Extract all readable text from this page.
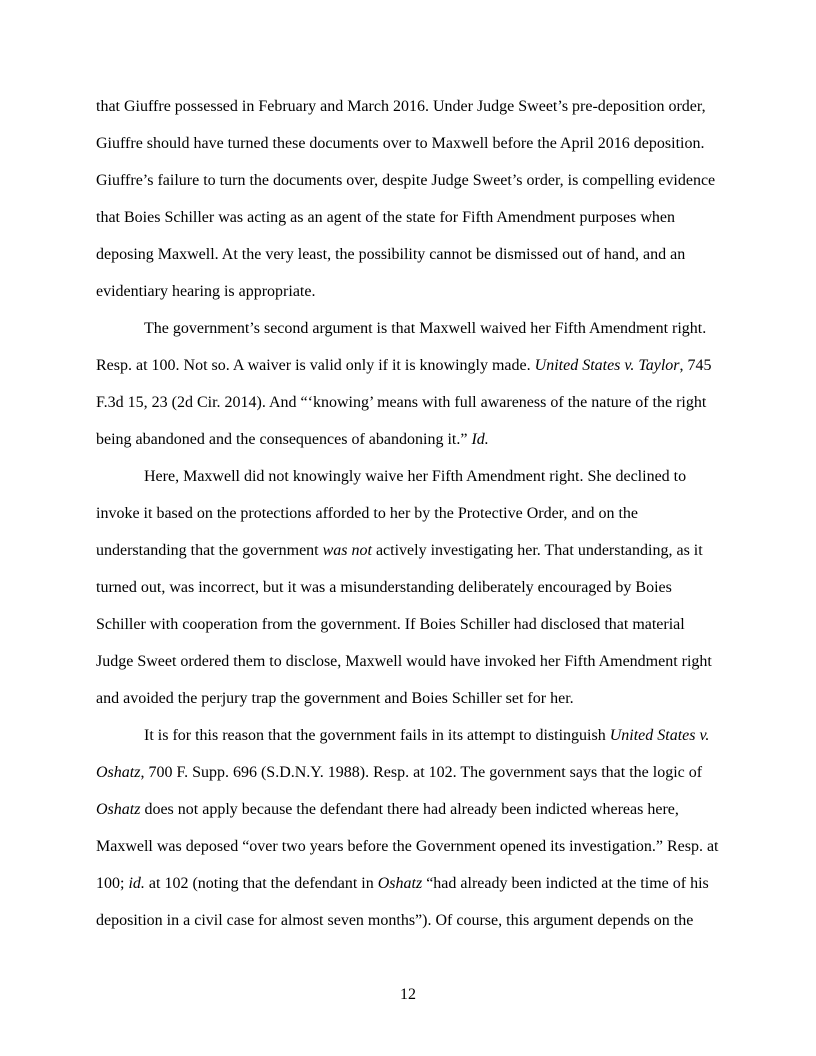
that Giuffre possessed in February and March 2016. Under Judge Sweet’s pre-deposition order, Giuffre should have turned these documents over to Maxwell before the April 2016 deposition. Giuffre’s failure to turn the documents over, despite Judge Sweet’s order, is compelling evidence that Boies Schiller was acting as an agent of the state for Fifth Amendment purposes when deposing Maxwell. At the very least, the possibility cannot be dismissed out of hand, and an evidentiary hearing is appropriate.

The government’s second argument is that Maxwell waived her Fifth Amendment right. Resp. at 100. Not so. A waiver is valid only if it is knowingly made. United States v. Taylor, 745 F.3d 15, 23 (2d Cir. 2014). And “‘knowing’ means with full awareness of the nature of the right being abandoned and the consequences of abandoning it.” Id.

Here, Maxwell did not knowingly waive her Fifth Amendment right. She declined to invoke it based on the protections afforded to her by the Protective Order, and on the understanding that the government was not actively investigating her. That understanding, as it turned out, was incorrect, but it was a misunderstanding deliberately encouraged by Boies Schiller with cooperation from the government. If Boies Schiller had disclosed that material Judge Sweet ordered them to disclose, Maxwell would have invoked her Fifth Amendment right and avoided the perjury trap the government and Boies Schiller set for her.

It is for this reason that the government fails in its attempt to distinguish United States v. Oshatz, 700 F. Supp. 696 (S.D.N.Y. 1988). Resp. at 102. The government says that the logic of Oshatz does not apply because the defendant there had already been indicted whereas here, Maxwell was deposed “over two years before the Government opened its investigation.” Resp. at 100; id. at 102 (noting that the defendant in Oshatz “had already been indicted at the time of his deposition in a civil case for almost seven months”). Of course, this argument depends on the

12
